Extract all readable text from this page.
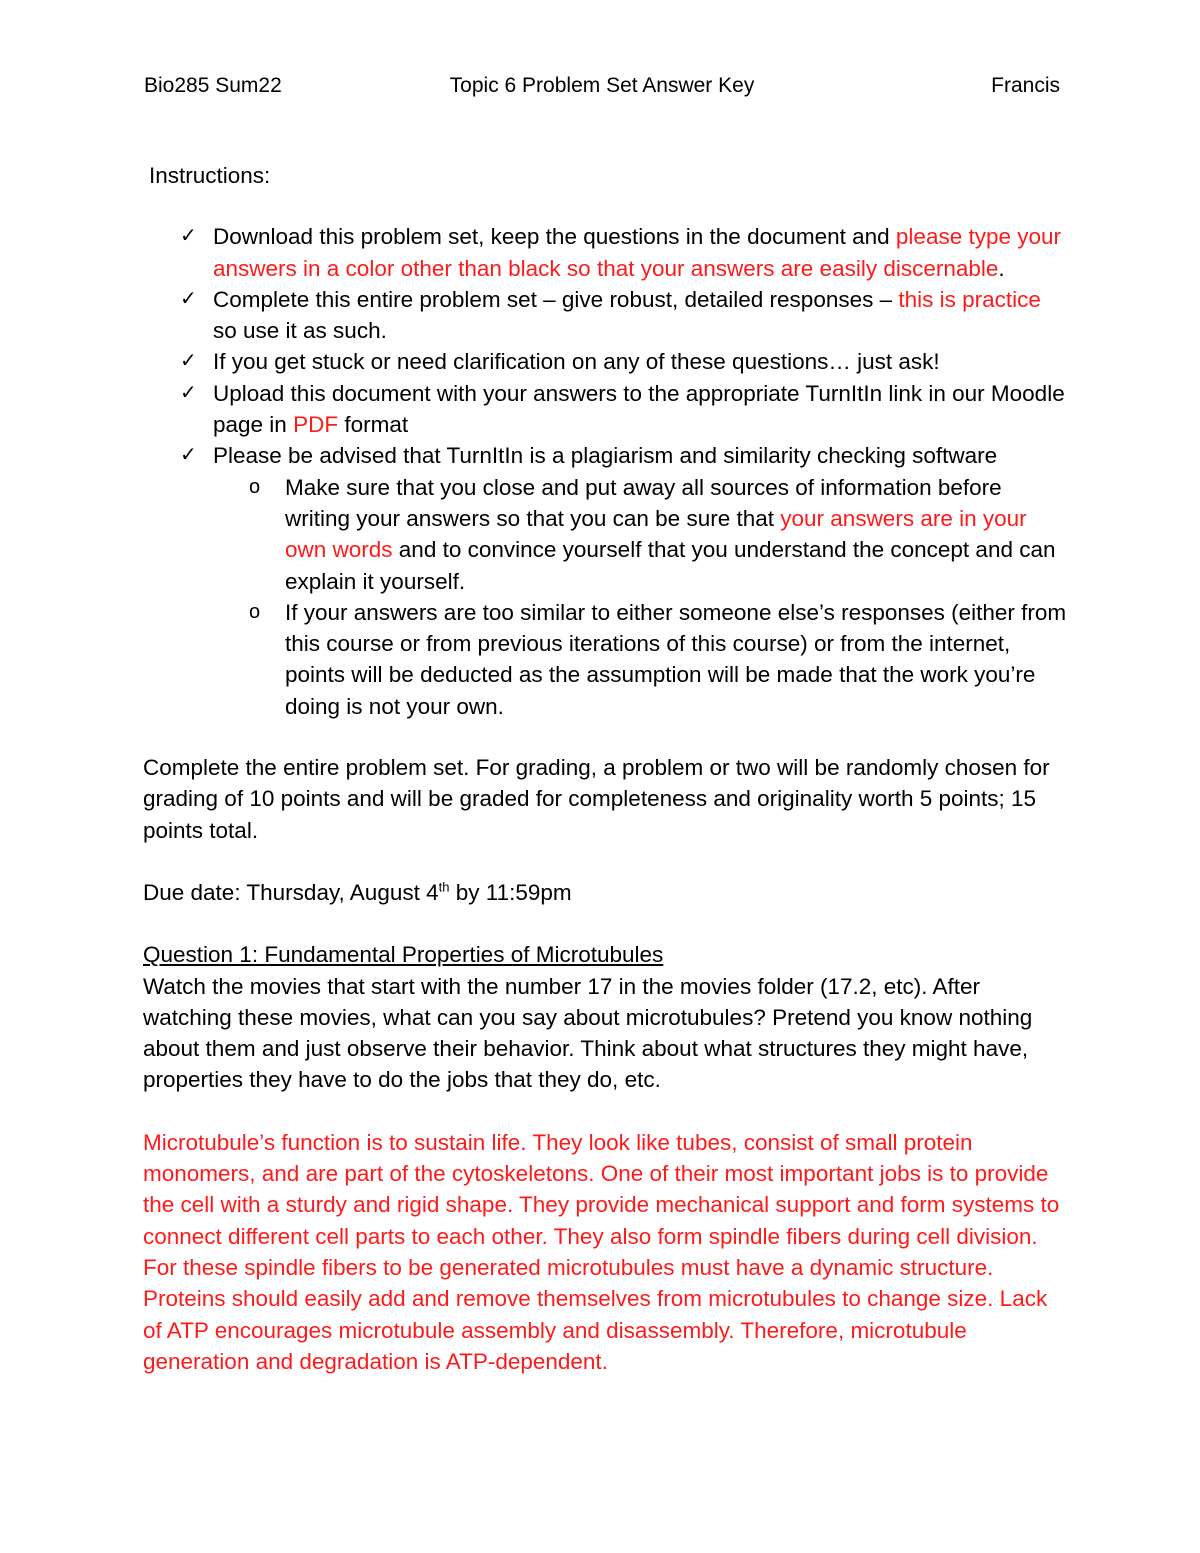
Bio285 Sum22	Topic 6 Problem Set Answer Key	Francis
Instructions:
✓ Download this problem set, keep the questions in the document and please type your answers in a color other than black so that your answers are easily discernable.
✓ Complete this entire problem set – give robust, detailed responses – this is practice so use it as such.
✓ If you get stuck or need clarification on any of these questions… just ask!
✓ Upload this document with your answers to the appropriate TurnItIn link in our Moodle page in PDF format
✓ Please be advised that TurnItIn is a plagiarism and similarity checking software
o Make sure that you close and put away all sources of information before writing your answers so that you can be sure that your answers are in your own words and to convince yourself that you understand the concept and can explain it yourself.
o If your answers are too similar to either someone else’s responses (either from this course or from previous iterations of this course) or from the internet, points will be deducted as the assumption will be made that the work you’re doing is not your own.

Complete the entire problem set. For grading, a problem or two will be randomly chosen for grading of 10 points and will be graded for completeness and originality worth 5 points; 15 points total.

Due date: Thursday, August 4th by 11:59pm

Question 1: Fundamental Properties of Microtubules

Watch the movies that start with the number 17 in the movies folder (17.2, etc). After watching these movies, what can you say about microtubules? Pretend you know nothing about them and just observe their behavior. Think about what structures they might have, properties they have to do the jobs that they do, etc.

Microtubule’s function is to sustain life. They look like tubes, consist of small protein monomers, and are part of the cytoskeletons. One of their most important jobs is to provide the cell with a sturdy and rigid shape. They provide mechanical support and form systems to connect different cell parts to each other. They also form spindle fibers during cell division. For these spindle fibers to be generated microtubules must have a dynamic structure. Proteins should easily add and remove themselves from microtubules to change size. Lack of ATP encourages microtubule assembly and disassembly. Therefore, microtubule generation and degradation is ATP-dependent.
